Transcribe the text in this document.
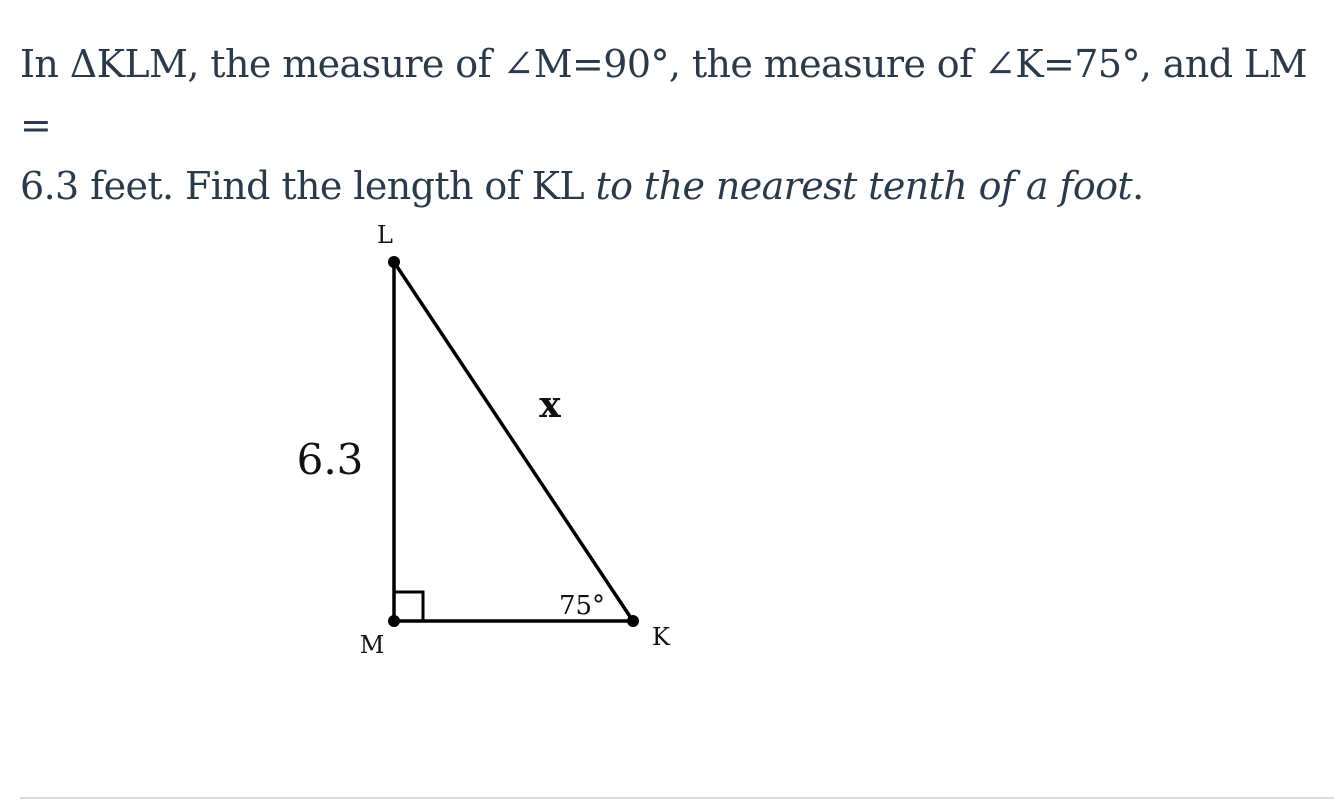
In ΔKLM, the measure of ∠M=90°, the measure of ∠K=75°, and LM =
6.3 feet. Find the length of KL to the nearest tenth of a foot.

L
M	K
6.3
x
75°
